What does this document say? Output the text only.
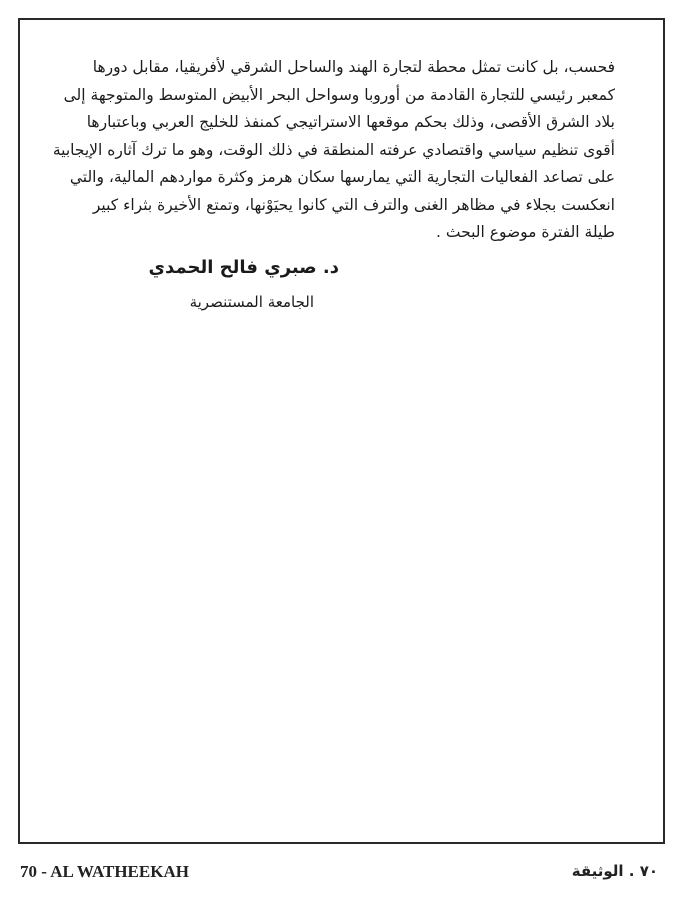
فحسب، بل كانت تمثل محطة لتجارة الهند والساحل الشرقي لأفريقيا، مقابل دورها
كمعبر رئيسي للتجارة القادمة من أوروبا وسواحل البحر الأبيض المتوسط والمتوجهة إلى
بلاد الشرق الأقصى، وذلك بحكم موقعها الاستراتيجي كمنفذ للخليج العربي وباعتبارها
أقوى تنظيم سياسي واقتصادي عرفته المنطقة في ذلك الوقت، وهو ما ترك آثاره الإيجابية
على تصاعد الفعاليات التجارية التي يمارسها سكان هرمز وكثرة مواردهم المالية، والتي
انعكست بجلاء في مظاهر الغنى والترف التي كانوا يحيَوْنها، وتمتع الأخيرة بثراء كبير
طيلة الفترة موضوع البحث .
د. صبري فالح الحمدي
الجامعة المستنصرية
70 - AL WATHEEKAH	٧٠ . الوثيقة
